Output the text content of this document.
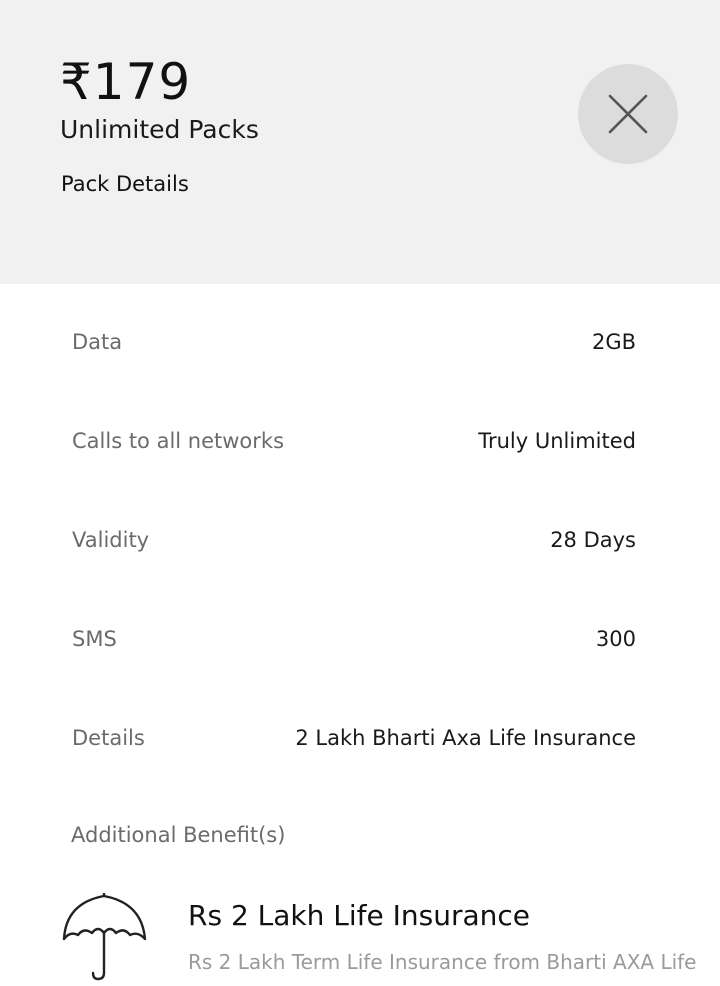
₹179
Unlimited Packs
Pack Details
Data	2GB
Calls to all networks	Truly Unlimited
Validity	28 Days
SMS	300
Details	2 Lakh Bharti Axa Life Insurance
Additional Benefit(s)
Rs 2 Lakh Life Insurance
Rs 2 Lakh Term Life Insurance from Bharti AXA Life
